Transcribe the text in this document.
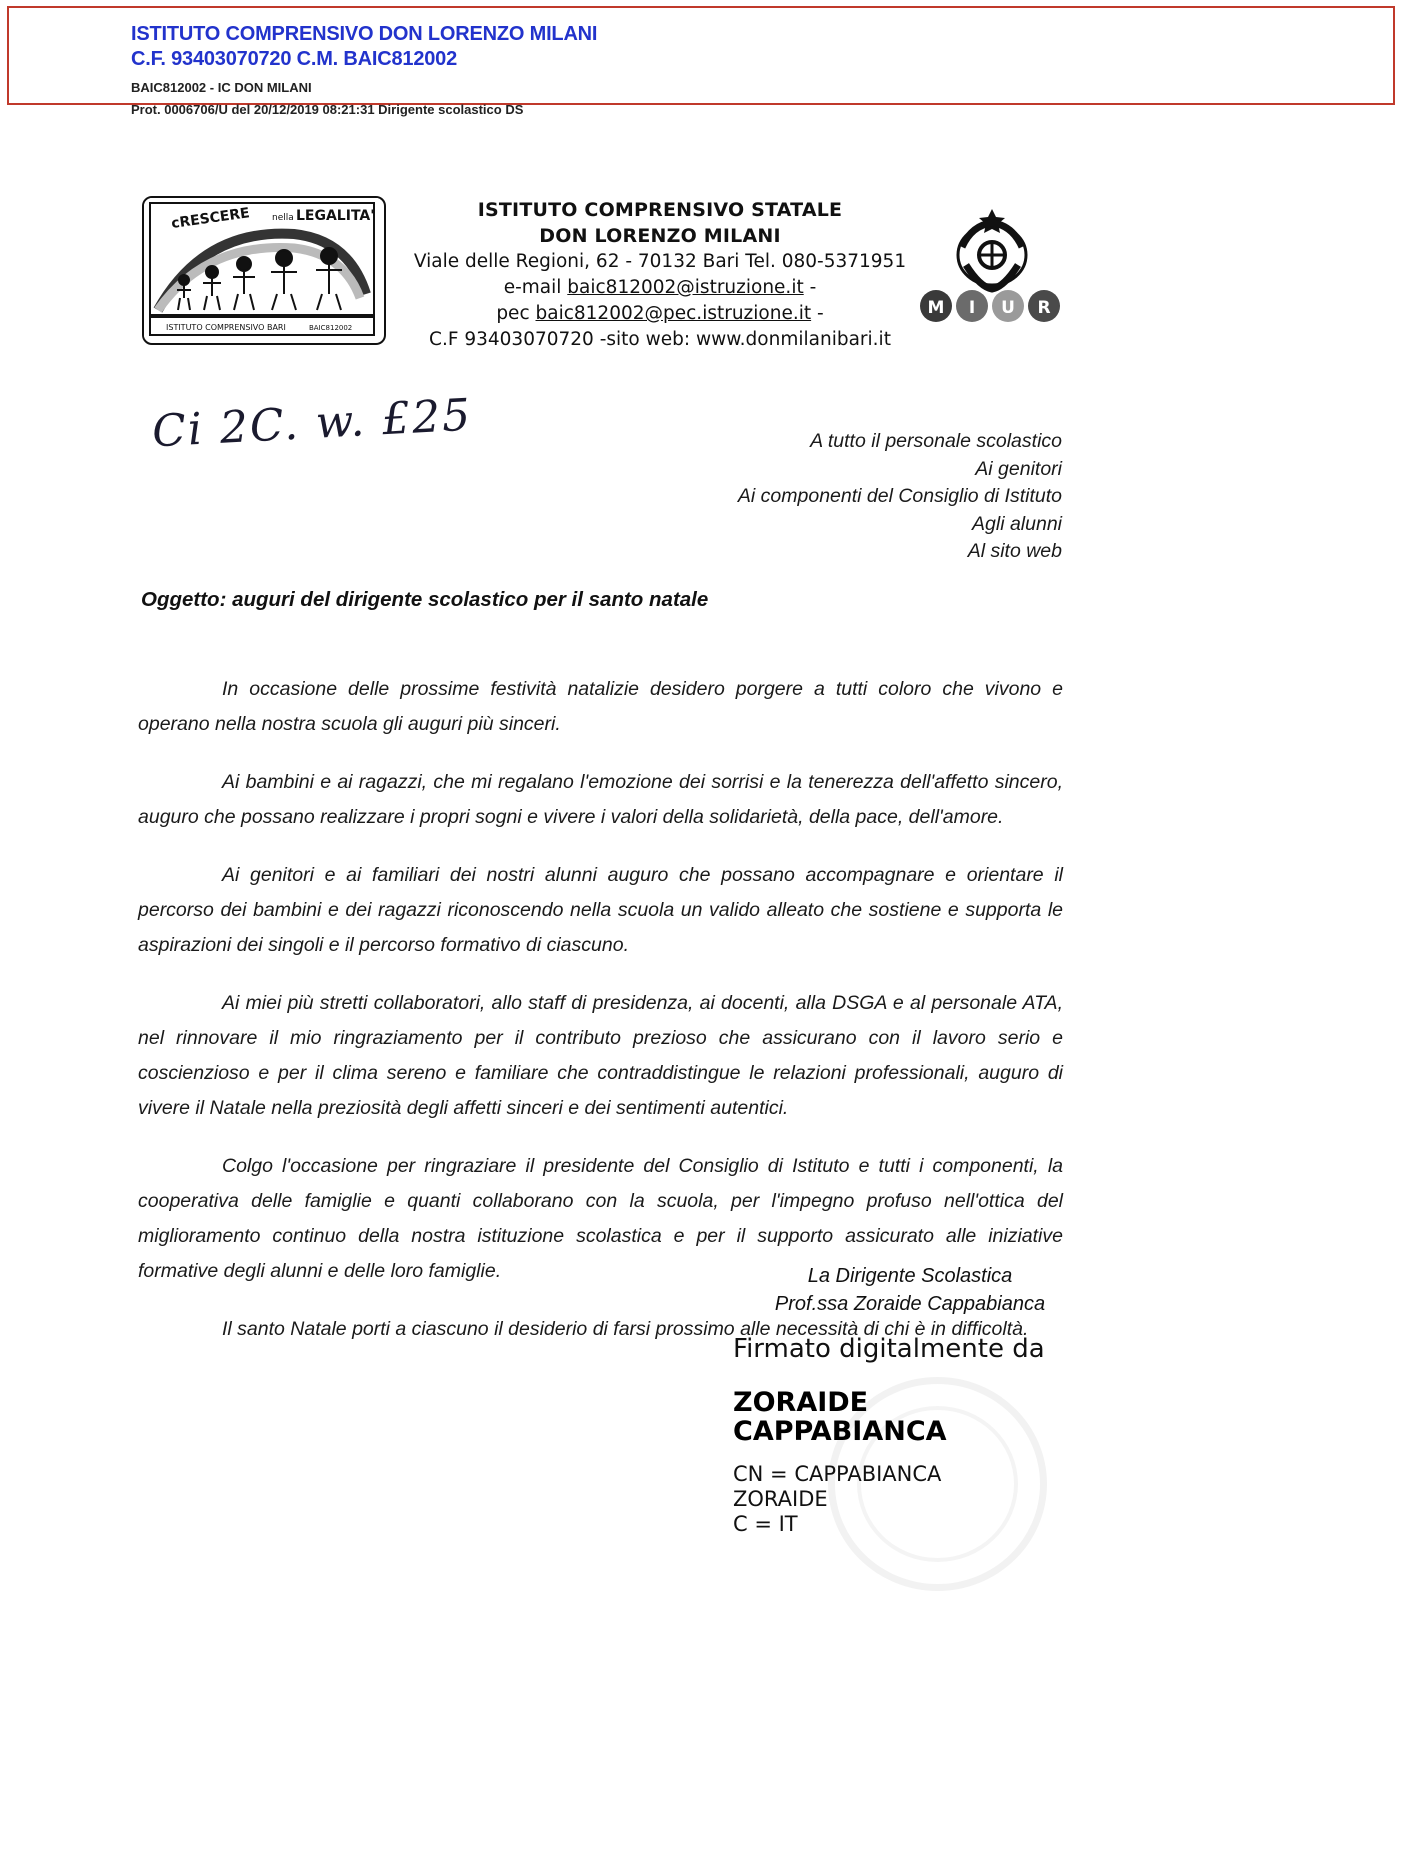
ISTITUTO COMPRENSIVO DON LORENZO MILANI
C.F. 93403070720 C.M. BAIC812002
BAIC812002 - IC DON MILANI
Prot. 0006706/U del 20/12/2019 08:21:31 Dirigente scolastico DS
cRESCERE nella LEGALITA'
ISTITUTO COMPRENSIVO BARI	BAIC812002
ISTITUTO COMPRENSIVO STATALE
DON LORENZO MILANI
Viale delle Regioni, 62 - 70132 Bari Tel. 080-5371951
e-mail baic812002@istruzione.it -
pec baic812002@pec.istruzione.it -
C.F 93403070720 -sito web: www.donmilanibari.it
M I U R
Ci 2C. w. £25	A tutto il personale scolastico
Ai genitori
Ai componenti del Consiglio di Istituto
Agli alunni
Al sito web
Oggetto: auguri del dirigente scolastico per il santo natale

In occasione delle prossime festività natalizie desidero porgere a tutti coloro che vivono e operano nella nostra scuola gli auguri più sinceri.

Ai bambini e ai ragazzi, che mi regalano l'emozione dei sorrisi e la tenerezza dell'affetto sincero, auguro che possano realizzare i propri sogni e vivere i valori della solidarietà, della pace, dell'amore.

Ai genitori e ai familiari dei nostri alunni auguro che possano accompagnare e orientare il percorso dei bambini e dei ragazzi riconoscendo nella scuola un valido alleato che sostiene e supporta le aspirazioni dei singoli e il percorso formativo di ciascuno.

Ai miei più stretti collaboratori, allo staff di presidenza, ai docenti, alla DSGA e al personale ATA, nel rinnovare il mio ringraziamento per il contributo prezioso che assicurano con il lavoro serio e coscienzioso e per il clima sereno e familiare che contraddistingue le relazioni professionali, auguro di vivere il Natale nella preziosità degli affetti sinceri e dei sentimenti autentici.

Colgo l'occasione per ringraziare il presidente del Consiglio di Istituto e tutti i componenti, la cooperativa delle famiglie e quanti collaborano con la scuola, per l'impegno profuso nell'ottica del miglioramento continuo della nostra istituzione scolastica e per il supporto assicurato alle iniziative formative degli alunni e delle loro famiglie.

Il santo Natale porti a ciascuno il desiderio di farsi prossimo alle necessità di chi è in difficoltà.

La Dirigente Scolastica
Prof.ssa Zoraide Cappabianca
Firmato digitalmente da
ZORAIDE
CAPPABIANCA
CN = CAPPABIANCA
ZORAIDE
C = IT
